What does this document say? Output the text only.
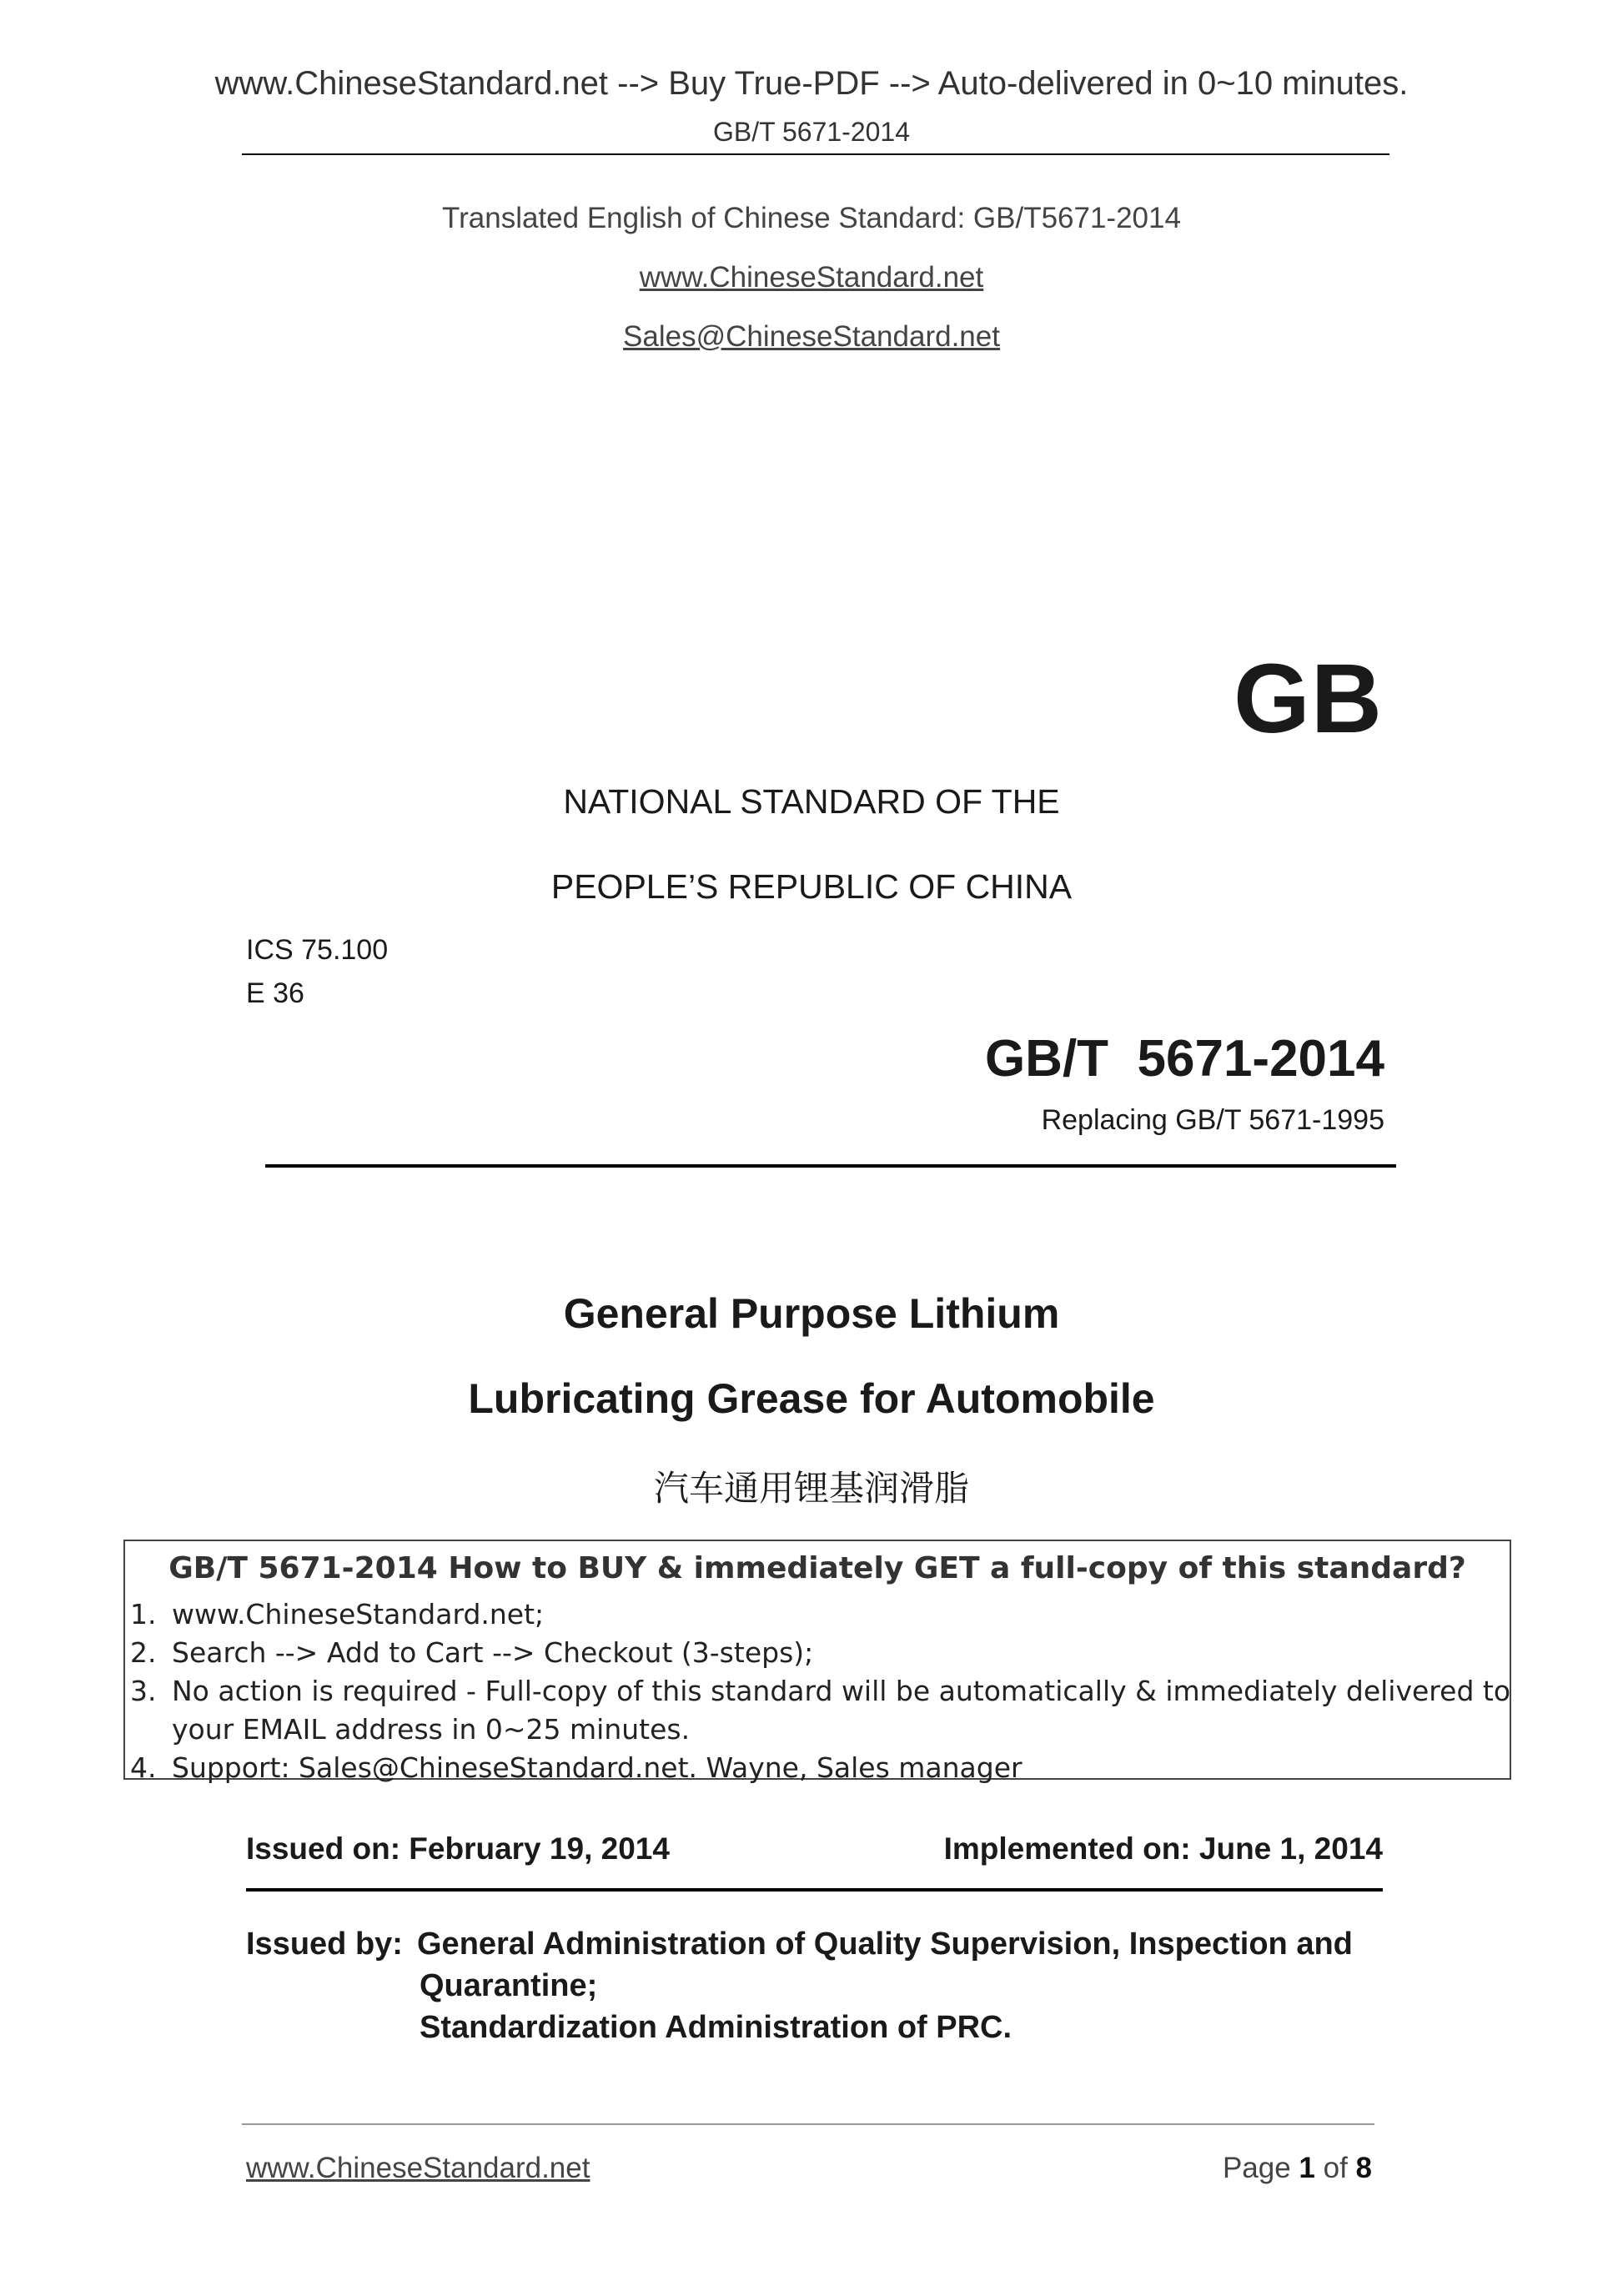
www.ChineseStandard.net --> Buy True-PDF --> Auto-delivered in 0~10 minutes.
GB/T 5671-2014
Translated English of Chinese Standard: GB/T5671-2014
www.ChineseStandard.net
Sales@ChineseStandard.net
GB
NATIONAL STANDARD OF THE
PEOPLE’S REPUBLIC OF CHINA
ICS 75.100
E 36
GB/T  5671-2014
Replacing GB/T 5671-1995
General Purpose Lithium
Lubricating Grease for Automobile
汽车通用锂基润滑脂
GB/T 5671-2014 How to BUY & immediately GET a full-copy of this standard?
1. www.ChineseStandard.net;
2. Search --> Add to Cart --> Checkout (3-steps);
3. No action is required - Full-copy of this standard will be automatically & immediately delivered to
your EMAIL address in 0~25 minutes.
4. Support: Sales@ChineseStandard.net. Wayne, Sales manager
Issued on: February 19, 2014	Implemented on: June 1, 2014
Issued by: General Administration of Quality Supervision, Inspection and
Quarantine;
Standardization Administration of PRC.
www.ChineseStandard.net	Page 1 of 8
